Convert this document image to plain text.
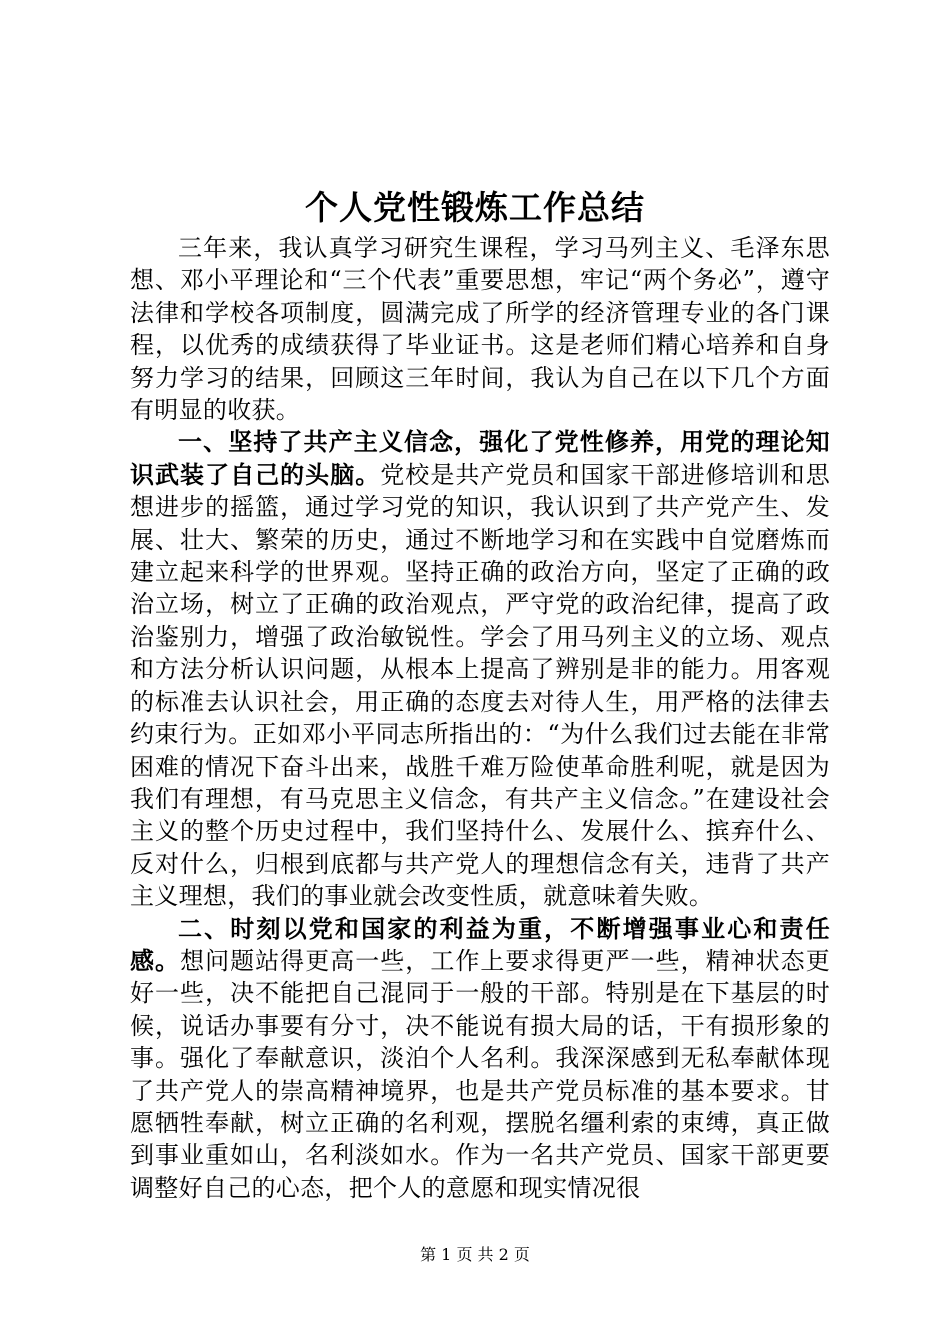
个人党性锻炼工作总结

三年来，我认真学习研究生课程，学习马列主义、毛泽东思想、邓小平理论和“三个代表”重要思想，牢记“两个务必”，遵守法律和学校各项制度，圆满完成了所学的经济管理专业的各门课程，以优秀的成绩获得了毕业证书。这是老师们精心培养和自身努力学习的结果，回顾这三年时间，我认为自己在以下几个方面有明显的收获。

一、坚持了共产主义信念，强化了党性修养，用党的理论知识武装了自己的头脑。党校是共产党员和国家干部进修培训和思想进步的摇篮，通过学习党的知识，我认识到了共产党产生、发展、壮大、繁荣的历史，通过不断地学习和在实践中自觉磨炼而建立起来科学的世界观。坚持正确的政治方向，坚定了正确的政治立场，树立了正确的政治观点，严守党的政治纪律，提高了政治鉴别力，增强了政治敏锐性。学会了用马列主义的立场、观点和方法分析认识问题，从根本上提高了辨别是非的能力。用客观的标准去认识社会，用正确的态度去对待人生，用严格的法律去约束行为。正如邓小平同志所指出的：“为什么我们过去能在非常困难的情况下奋斗出来，战胜千难万险使革命胜利呢，就是因为我们有理想，有马克思主义信念，有共产主义信念。”在建设社会主义的整个历史过程中，我们坚持什么、发展什么、摈弃什么、反对什么，归根到底都与共产党人的理想信念有关，违背了共产主义理想，我们的事业就会改变性质，就意味着失败。

二、时刻以党和国家的利益为重，不断增强事业心和责任感。想问题站得更高一些，工作上要求得更严一些，精神状态更好一些，决不能把自己混同于一般的干部。特别是在下基层的时候，说话办事要有分寸，决不能说有损大局的话，干有损形象的事。强化了奉献意识，淡泊个人名利。我深深感到无私奉献体现了共产党人的崇高精神境界，也是共产党员标准的基本要求。甘愿牺牲奉献，树立正确的名利观，摆脱名缰利索的束缚，真正做到事业重如山，名利淡如水。作为一名共产党员、国家干部更要调整好自己的心态，把个人的意愿和现实情况很

第 1 页 共 2 页
